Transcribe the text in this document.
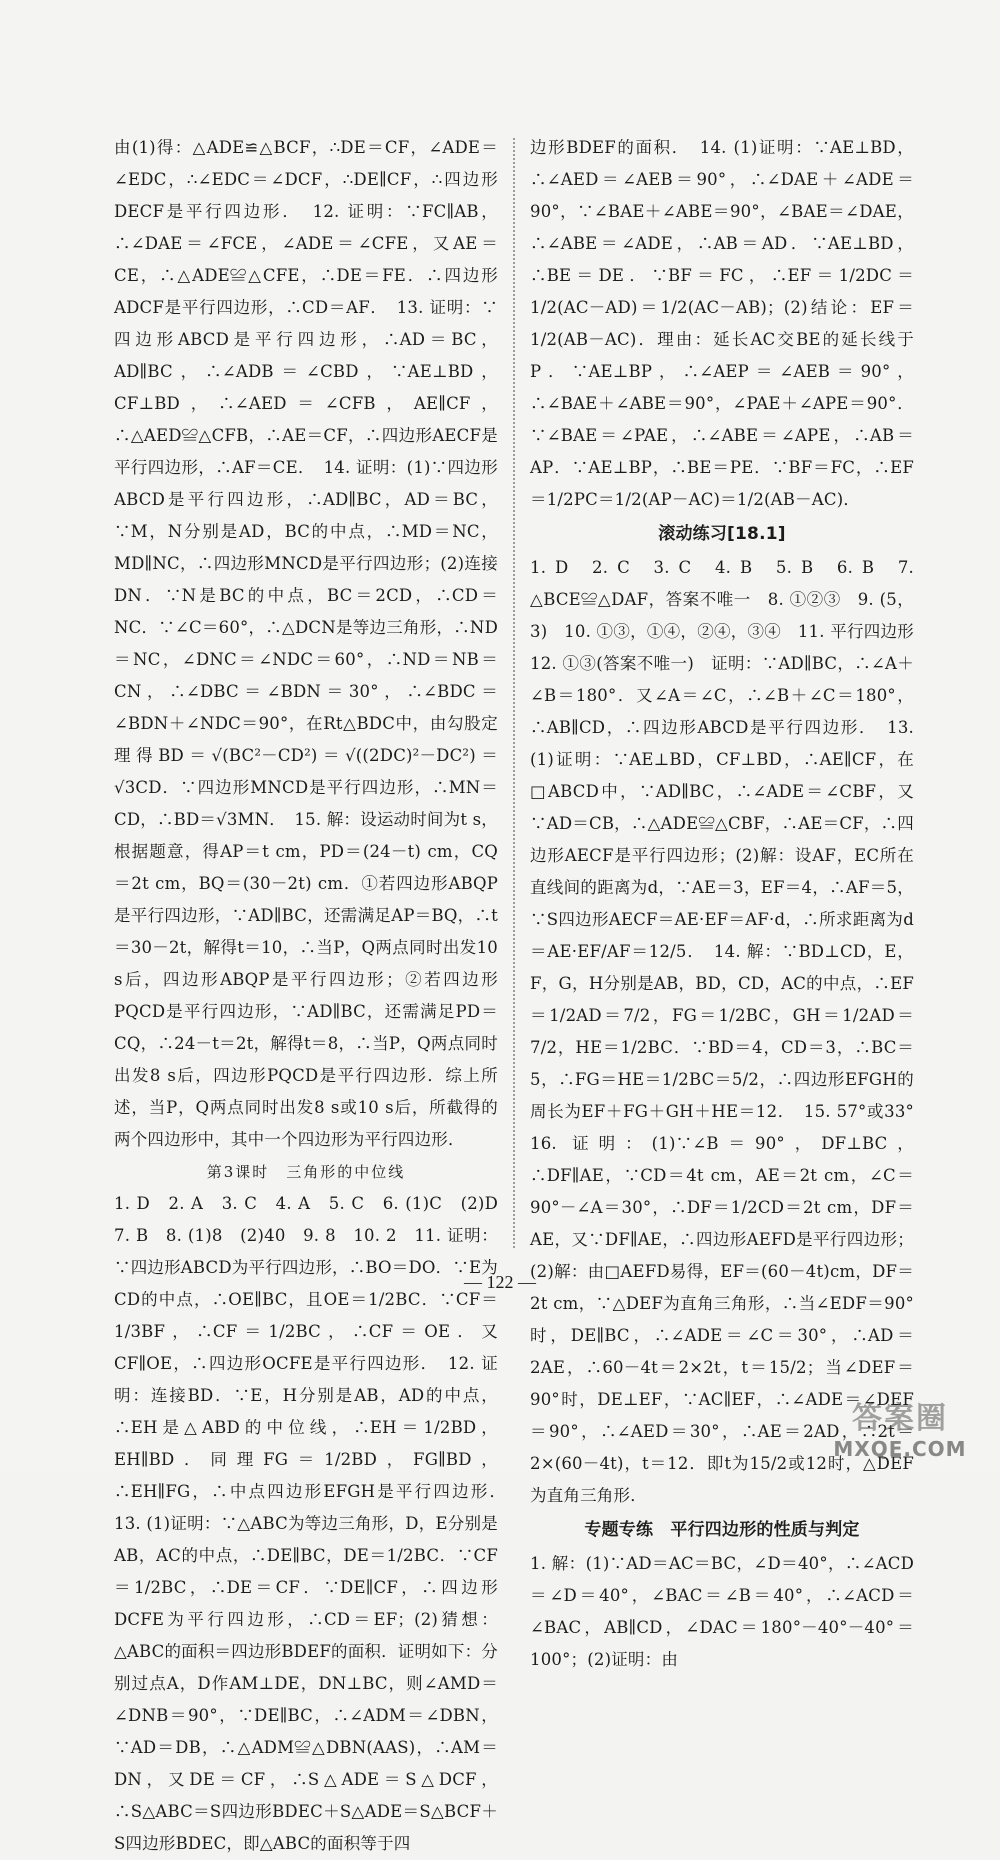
由(1)得：△ADE≌△BCF，∴DE＝CF，∠ADE＝∠EDC，∴∠EDC＝∠DCF，∴DE∥CF，∴四边形DECF是平行四边形．　12. 证明：∵FC∥AB，∴∠DAE＝∠FCE，∠ADE＝∠CFE，又AE＝CE，∴△ADE≌△CFE，∴DE＝FE．∴四边形ADCF是平行四边形，∴CD＝AF．　13. 证明：∵四边形ABCD是平行四边形，∴AD＝BC，AD∥BC，∴∠ADB＝∠CBD，∵AE⊥BD，CF⊥BD，∴∠AED＝∠CFB，AE∥CF，∴△AED≌△CFB，∴AE＝CF，∴四边形AECF是平行四边形，∴AF＝CE．　14. 证明：(1)∵四边形ABCD是平行四边形，∴AD∥BC，AD＝BC，∵M，N分别是AD，BC的中点，∴MD＝NC，MD∥NC，∴四边形MNCD是平行四边形；(2)连接DN．∵N是BC的中点，BC＝2CD，∴CD＝NC．∵∠C＝60°，∴△DCN是等边三角形，∴ND＝NC，∠DNC＝∠NDC＝60°，∴ND＝NB＝CN，∴∠DBC＝∠BDN＝30°，∴∠BDC＝∠BDN＋∠NDC＝90°，在Rt△BDC中，由勾股定理得BD＝√(BC²－CD²)＝√((2DC)²－DC²)＝√3CD．∵四边形MNCD是平行四边形，∴MN＝CD，∴BD＝√3MN．　15. 解：设运动时间为t s，根据题意，得AP＝t cm，PD＝(24－t) cm，CQ＝2t cm，BQ＝(30－2t) cm．①若四边形ABQP是平行四边形，∵AD∥BC，还需满足AP＝BQ，∴t＝30－2t，解得t＝10，∴当P，Q两点同时出发10 s后，四边形ABQP是平行四边形；②若四边形PQCD是平行四边形，∵AD∥BC，还需满足PD＝CQ，∴24－t＝2t，解得t＝8，∴当P，Q两点同时出发8 s后，四边形PQCD是平行四边形．综上所述，当P，Q两点同时出发8 s或10 s后，所截得的两个四边形中，其中一个四边形为平行四边形．

第3课时　三角形的中位线

1. D　2. A　3. C　4. A　5. C　6. (1)C　(2)D　7. B　8. (1)8　(2)40　9. 8　10. 2　11. 证明：∵四边形ABCD为平行四边形，∴BO＝DO．∵E为CD的中点，∴OE∥BC，且OE＝1/2BC．∵CF＝1/3BF，∴CF＝1/2BC，∴CF＝OE．又CF∥OE，∴四边形OCFE是平行四边形．　12. 证明：连接BD．∵E，H分别是AB，AD的中点，∴EH是△ABD的中位线，∴EH＝1/2BD，EH∥BD．同理FG＝1/2BD，FG∥BD，∴EH∥FG，∴中点四边形EFGH是平行四边形．　13. (1)证明：∵△ABC为等边三角形，D，E分别是AB，AC的中点，∴DE∥BC，DE＝1/2BC．∵CF＝1/2BC，∴DE＝CF．∵DE∥CF，∴四边形DCFE为平行四边形，∴CD＝EF；(2)猜想：△ABC的面积＝四边形BDEF的面积．证明如下：分别过点A，D作AM⊥DE，DN⊥BC，则∠AMD＝∠DNB＝90°，∵DE∥BC，∴∠ADM＝∠DBN，∵AD＝DB，∴△ADM≌△DBN(AAS)，∴AM＝DN，又DE＝CF，∴S△ADE＝S△DCF，∴S△ABC＝S四边形BDEC＋S△ADE＝S△BCF＋S四边形BDEC，即△ABC的面积等于四

边形BDEF的面积．　14. (1)证明：∵AE⊥BD，∴∠AED＝∠AEB＝90°，∴∠DAE＋∠ADE＝90°，∵∠BAE＋∠ABE＝90°，∠BAE＝∠DAE，∴∠ABE＝∠ADE，∴AB＝AD．∵AE⊥BD，∴BE＝DE．∵BF＝FC，∴EF＝1/2DC＝1/2(AC－AD)＝1/2(AC－AB)；(2)结论：EF＝1/2(AB－AC)．理由：延长AC交BE的延长线于P．∵AE⊥BP，∴∠AEP＝∠AEB＝90°，∴∠BAE＋∠ABE＝90°，∠PAE＋∠APE＝90°．∵∠BAE＝∠PAE，∴∠ABE＝∠APE，∴AB＝AP．∵AE⊥BP，∴BE＝PE．∵BF＝FC，∴EF＝1/2PC＝1/2(AP－AC)＝1/2(AB－AC)．

滚动练习[18.1]

1. D　2. C　3. C　4. B　5. B　6. B　7. △BCE≌△DAF，答案不唯一　8. ①②③　9. (5，3)　10. ①③，①④，②④，③④　11. 平行四边形　12. ①③(答案不唯一)　证明：∵AD∥BC，∴∠A＋∠B＝180°．又∠A＝∠C，∴∠B＋∠C＝180°，∴AB∥CD，∴四边形ABCD是平行四边形．　13. (1)证明：∵AE⊥BD，CF⊥BD，∴AE∥CF，在□ABCD中，∵AD∥BC，∴∠ADE＝∠CBF，又∵AD＝CB，∴△ADE≌△CBF，∴AE＝CF，∴四边形AECF是平行四边形；(2)解：设AF，EC所在直线间的距离为d，∵AE＝3，EF＝4，∴AF＝5，∵S四边形AECF＝AE·EF＝AF·d，∴所求距离为d＝AE·EF/AF＝12/5．　14. 解：∵BD⊥CD，E，F，G，H分别是AB，BD，CD，AC的中点，∴EF＝1/2AD＝7/2，FG＝1/2BC，GH＝1/2AD＝7/2，HE＝1/2BC．∵BD＝4，CD＝3，∴BC＝5，∴FG＝HE＝1/2BC＝5/2，∴四边形EFGH的周长为EF＋FG＋GH＋HE＝12．　15. 57°或33°　16. 证明：(1)∵∠B＝90°，DF⊥BC，∴DF∥AE，∵CD＝4t cm，AE＝2t cm，∠C＝90°－∠A＝30°，∴DF＝1/2CD＝2t cm，DF＝AE，又∵DF∥AE，∴四边形AEFD是平行四边形；(2)解：由□AEFD易得，EF＝(60－4t)cm，DF＝2t cm，∵△DEF为直角三角形，∴当∠EDF＝90°时，DE∥BC，∴∠ADE＝∠C＝30°，∴AD＝2AE，∴60－4t＝2×2t，t＝15/2；当∠DEF＝90°时，DE⊥EF，∵AC∥EF，∴∠ADE＝∠DEF＝90°，∴∠AED＝30°，∴AE＝2AD，∴2t＝2×(60－4t)，t＝12．即t为15/2或12时，△DEF为直角三角形．

专题专练　平行四边形的性质与判定

1. 解：(1)∵AD＝AC＝BC，∠D＝40°，∴∠ACD＝∠D＝40°，∠BAC＝∠B＝40°，∴∠ACD＝∠BAC，AB∥CD，∠DAC＝180°－40°－40°＝100°；(2)证明：由

— 122 —
答案圈
MXQE.COM
